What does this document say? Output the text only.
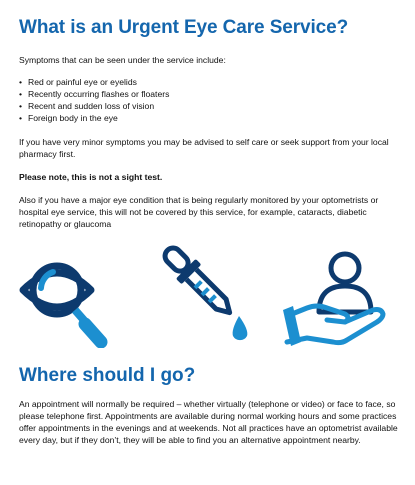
What is an Urgent Eye Care Service?

Symptoms that can be seen under the service include:

• Red or painful eye or eyelids
• Recently occurring flashes or floaters
• Recent and sudden loss of vision
• Foreign body in the eye

If you have very minor symptoms you may be advised to self care or seek support from your local pharmacy first.

Please note, this is not a sight test.

Also if you have a major eye condition that is being regularly monitored by your optometrists or hospital eye service, this will not be covered by this service, for example, cataracts, diabetic retinopathy or glaucoma

Where should I go?

An appointment will normally be required – whether virtually (telephone or video) or face to face, so please telephone first. Appointments are available during normal working hours and some practices offer appointments in the evenings and at weekends. Not all practices have an optometrist available every day, but if they don’t, they will be able to find you an alternative appointment nearby.
